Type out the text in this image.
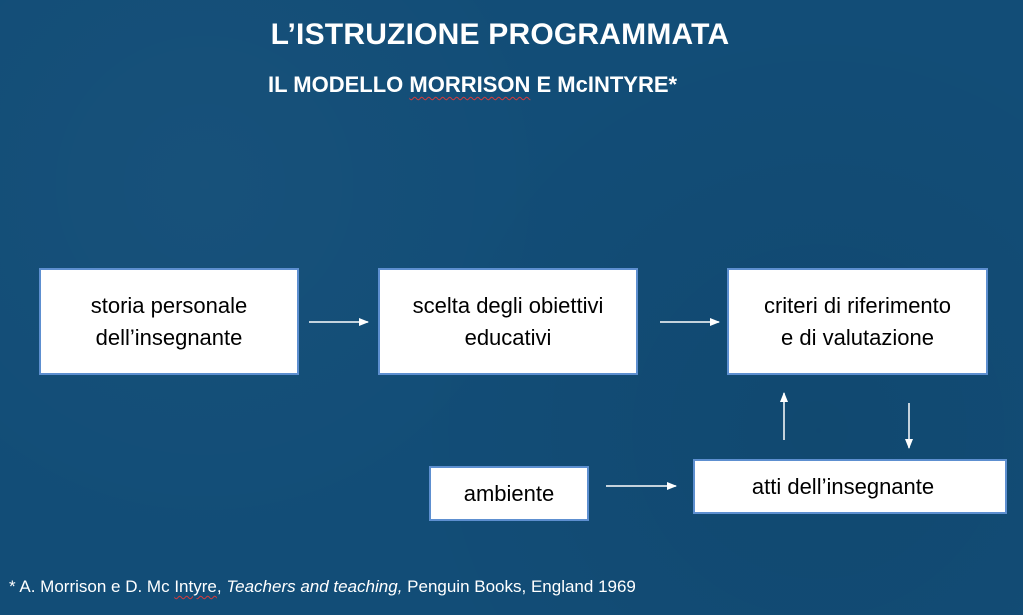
L’ISTRUZIONE PROGRAMMATA
IL MODELLO MORRISON E McINTYRE*
storia personale
dell’insegnante
scelta degli obiettivi
educativi
criteri di riferimento
e di valutazione
ambiente	atti dell’insegnante
* A. Morrison e D. Mc Intyre, Teachers and teaching, Penguin Books, England 1969
